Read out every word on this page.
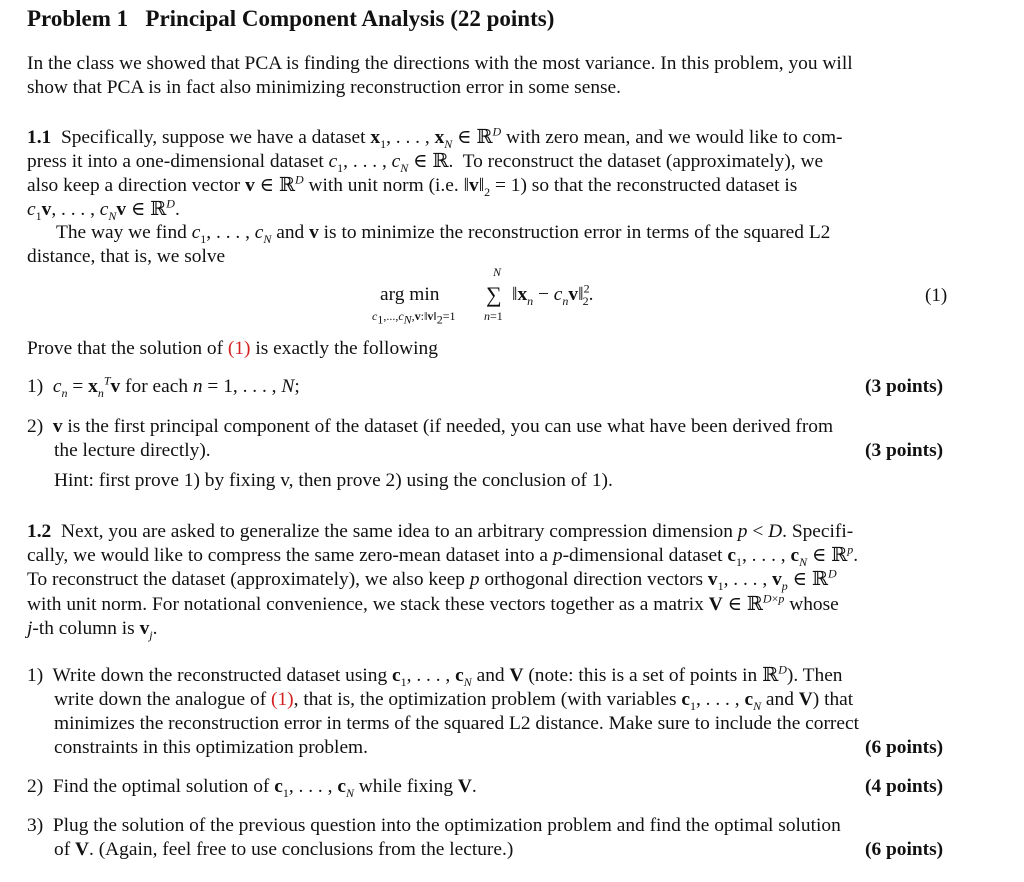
Problem 1 Principal Component Analysis (22 points)
In the class we showed that PCA is finding the directions with the most variance. In this problem, you will
show that PCA is in fact also minimizing reconstruction error in some sense.
1.1  Specifically, suppose we have a dataset $x_1$, . . . , $x_N$ ∈ ℝ$^D$ with zero mean, and we would like to com-
press it into a one-dimensional dataset $c_1$, . . . , $c_N$ ∈ ℝ.  To reconstruct the dataset (approximately), we
also keep a direction vector v ∈ ℝ$^D$ with unit norm (i.e. $‖v‖_2 = 1$) so that the reconstructed dataset is
$c_1v$, . . . , $c_Nv$ ∈ ℝ$^D$.
The way we find $c_1$, . . . , $c_N$ and v is to minimize the reconstruction error in terms of the squared L2
distance, that is, we solve
arg min
$c_1,...,c_N,v:‖v‖_2=1$
N
∑
n=1
$‖x_n$ − $c_nv‖^2_2$.	(1)
Prove that the solution of (1) is exactly the following
1)  $c_n = x_n^Tv$ for each n = 1, . . . , N;	(3 points)
2)  v is the first principal component of the dataset (if needed, you can use what have been derived from
the lecture directly).	(3 points)
Hint: first prove 1) by fixing v, then prove 2) using the conclusion of 1).
1.2  Next, you are asked to generalize the same idea to an arbitrary compression dimension p < D. Specifi-
cally, we would like to compress the same zero-mean dataset into a p-dimensional dataset $c_1$, . . . , $c_N$ ∈ ℝ$^p$.
To reconstruct the dataset (approximately), we also keep p orthogonal direction vectors $v_1$, . . . , $v_p$ ∈ ℝ$^D$
with unit norm. For notational convenience, we stack these vectors together as a matrix V ∈ ℝ$^{D\times p}$ whose
j-th column is $v_j$.
1)  Write down the reconstructed dataset using $c_1$, . . . , $c_N$ and V (note: this is a set of points in ℝ$^D$). Then
write down the analogue of (1), that is, the optimization problem (with variables $c_1$, . . . , $c_N$ and V) that
minimizes the reconstruction error in terms of the squared L2 distance. Make sure to include the correct
constraints in this optimization problem.	(6 points)
2)  Find the optimal solution of $c_1$, . . . , $c_N$ while fixing V.	(4 points)
3)  Plug the solution of the previous question into the optimization problem and find the optimal solution
of V. (Again, feel free to use conclusions from the lecture.)	(6 points)
